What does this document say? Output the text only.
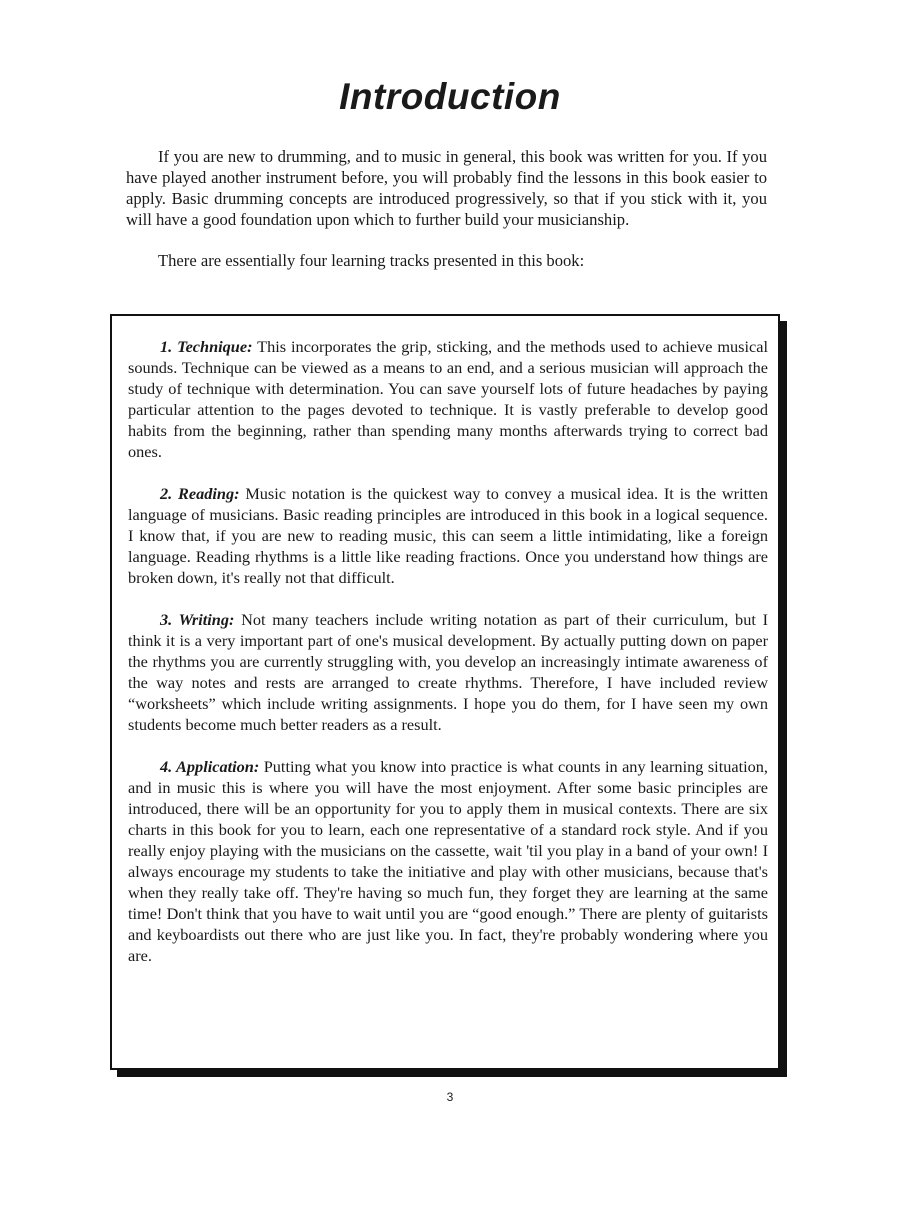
Introduction

If you are new to drumming, and to music in general, this book was written for you. If you have played another instrument before, you will probably find the lessons in this book easier to apply. Basic drumming concepts are introduced progressively, so that if you stick with it, you will have a good foundation upon which to further build your musicianship.

There are essentially four learning tracks presented in this book:

1. Technique: This incorporates the grip, sticking, and the methods used to achieve musical sounds. Technique can be viewed as a means to an end, and a serious musician will approach the study of technique with determination. You can save yourself lots of future headaches by paying particular attention to the pages devoted to technique. It is vastly preferable to develop good habits from the beginning, rather than spending many months afterwards trying to correct bad ones.

2. Reading: Music notation is the quickest way to convey a musical idea. It is the written language of musicians. Basic reading principles are introduced in this book in a logical sequence. I know that, if you are new to reading music, this can seem a little intimidating, like a foreign language. Reading rhythms is a little like reading fractions. Once you understand how things are broken down, it's really not that difficult.

3. Writing: Not many teachers include writing notation as part of their curriculum, but I think it is a very important part of one's musical development. By actually putting down on paper the rhythms you are currently struggling with, you develop an increasingly intimate awareness of the way notes and rests are arranged to create rhythms. Therefore, I have included review “worksheets” which include writing assignments. I hope you do them, for I have seen my own students become much better readers as a result.

4. Application: Putting what you know into practice is what counts in any learning situation, and in music this is where you will have the most enjoyment. After some basic principles are introduced, there will be an opportunity for you to apply them in musical contexts. There are six charts in this book for you to learn, each one representative of a standard rock style. And if you really enjoy playing with the musicians on the cassette, wait 'til you play in a band of your own! I always encourage my students to take the initiative and play with other musicians, because that's when they really take off. They're having so much fun, they forget they are learning at the same time! Don't think that you have to wait until you are “good enough.” There are plenty of guitarists and keyboardists out there who are just like you. In fact, they're probably wondering where you are.

3
